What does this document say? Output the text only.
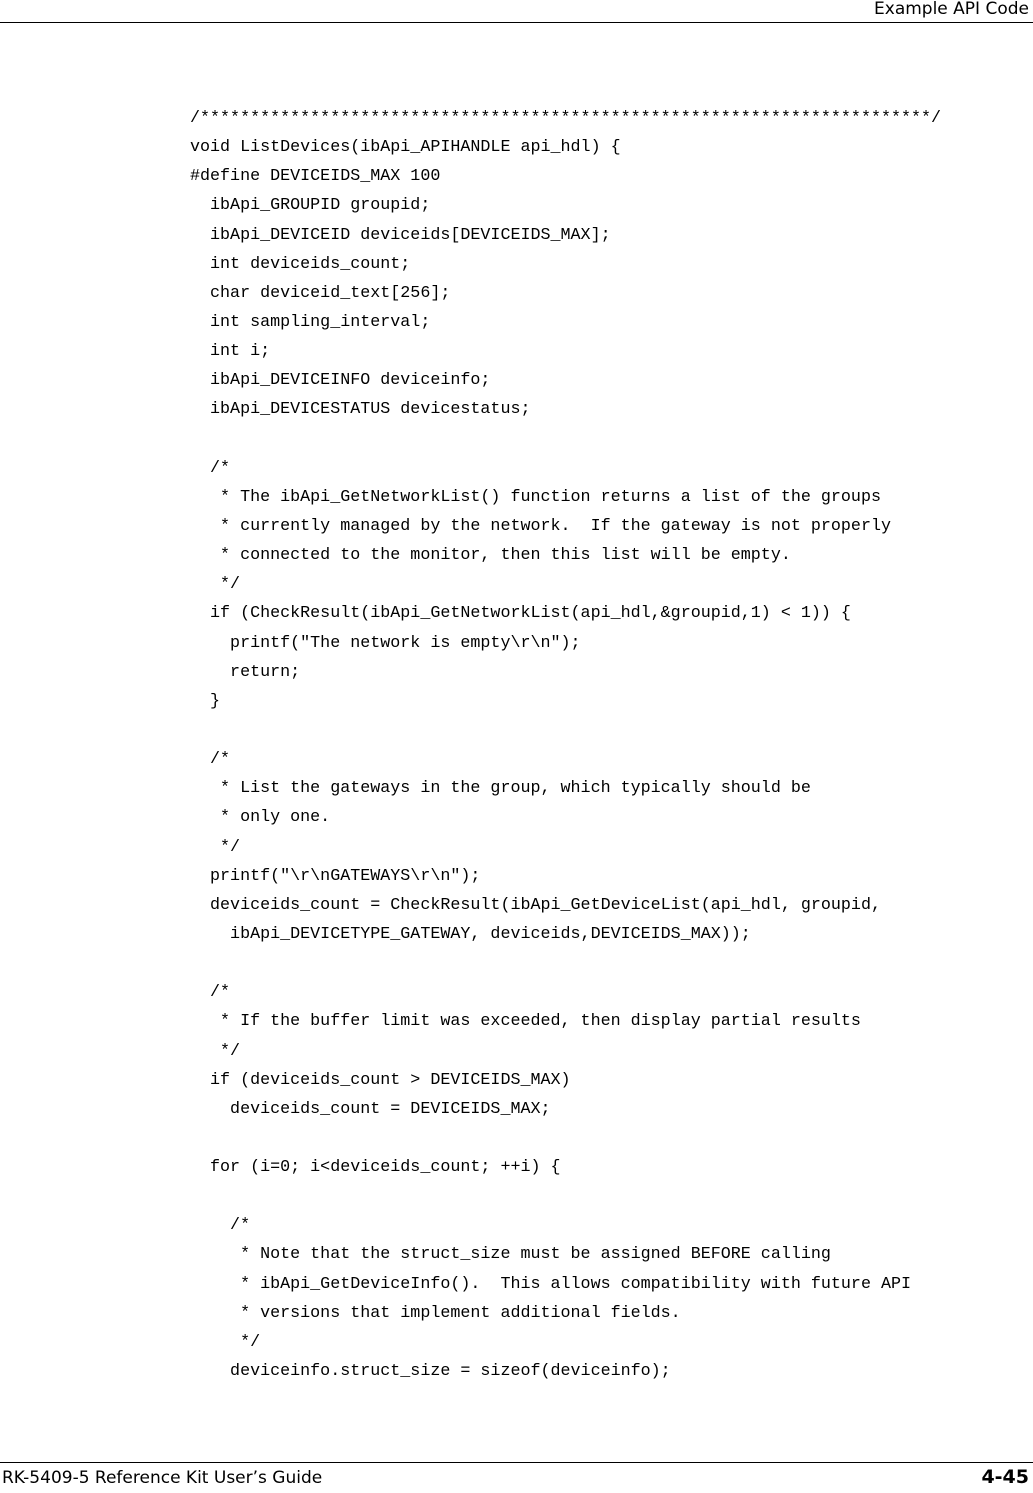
Example API Code
/*************************************************************************/
void ListDevices(ibApi_APIHANDLE api_hdl) {
#define DEVICEIDS_MAX 100
ibApi_GROUPID groupid;
ibApi_DEVICEID deviceids[DEVICEIDS_MAX];
int deviceids_count;
char deviceid_text[256];
int sampling_interval;
int i;
ibApi_DEVICEINFO deviceinfo;
ibApi_DEVICESTATUS devicestatus;
/*
* The ibApi_GetNetworkList() function returns a list of the groups
* currently managed by the network.  If the gateway is not properly
* connected to the monitor, then this list will be empty.
*/
if (CheckResult(ibApi_GetNetworkList(api_hdl,&groupid,1) < 1)) {
printf("The network is empty\r\n");
return;
}
/*
* List the gateways in the group, which typically should be
* only one.
*/
printf("\r\nGATEWAYS\r\n");
deviceids_count = CheckResult(ibApi_GetDeviceList(api_hdl, groupid,
ibApi_DEVICETYPE_GATEWAY, deviceids,DEVICEIDS_MAX));
/*
* If the buffer limit was exceeded, then display partial results
*/
if (deviceids_count > DEVICEIDS_MAX)
deviceids_count = DEVICEIDS_MAX;
for (i=0; i<deviceids_count; ++i) {
/*
* Note that the struct_size must be assigned BEFORE calling
* ibApi_GetDeviceInfo().  This allows compatibility with future API
* versions that implement additional fields.
*/
deviceinfo.struct_size = sizeof(deviceinfo);
RK-5409-5 Reference Kit User’s Guide	4-45
